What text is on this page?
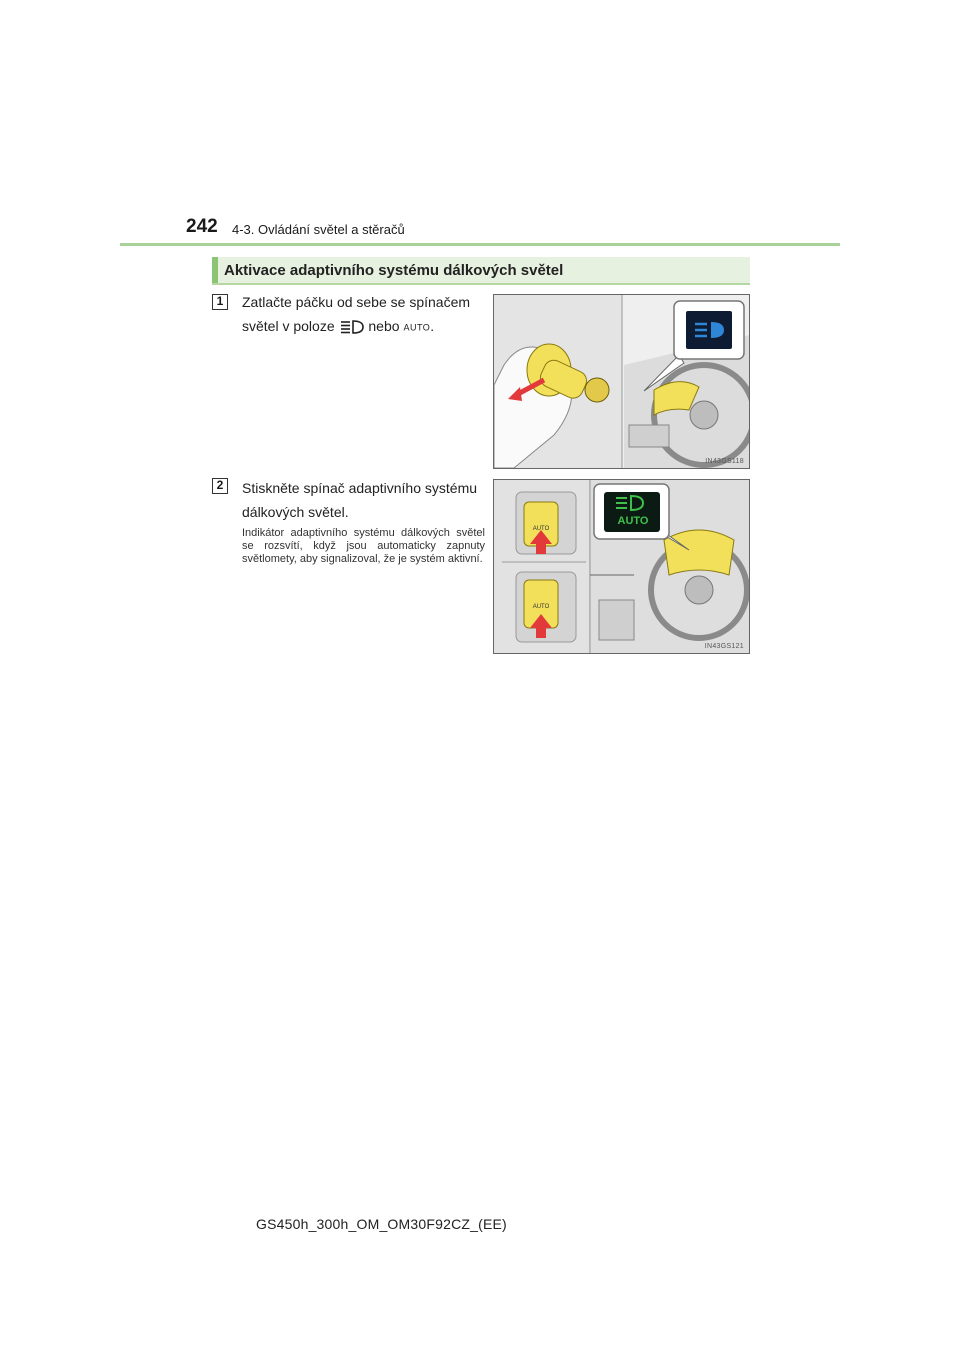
242 4-3. Ovládání světel a stěračů
Aktivace adaptivního systému dálkových světel
1	Zatlačte páčku od sebe se spínačem světel v poloze  nebo AUTO.
IN43GS118
2	Stiskněte spínač adaptivního systému dálkových světel.
Indikátor adaptivního systému dálkových světel se rozsvítí, když jsou automaticky zapnuty světlomety, aby signalizoval, že je systém aktivní.
AUTO
AUTO
AUTO
IN43GS121
GS450h_300h_OM_OM30F92CZ_(EE)
